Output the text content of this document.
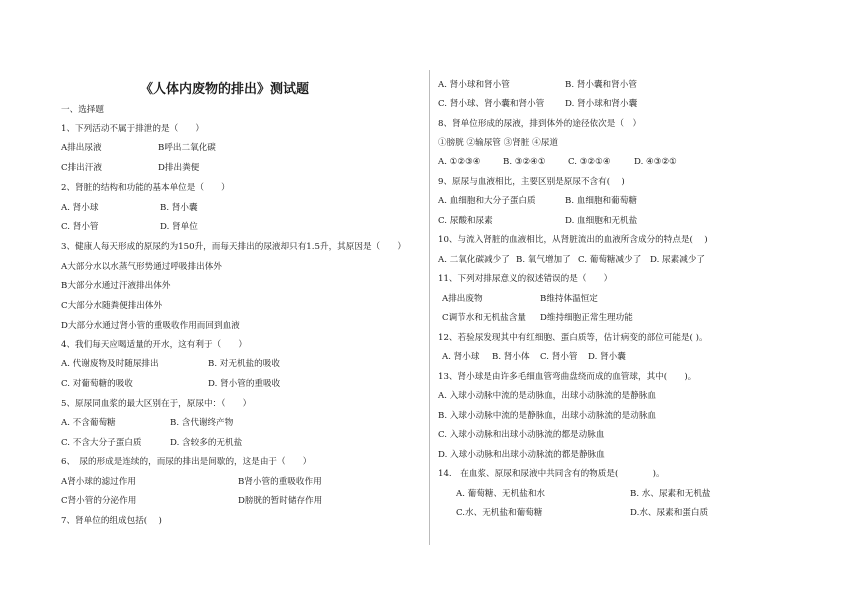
《人体内废物的排出》测试题
一、选择题
1、下列活动不属于排泄的是（　　）
A排出尿液	B呼出二氧化碳
C排出汗液	D排出粪便
2、肾脏的结构和功能的基本单位是（　　）
A. 肾小球	B. 肾小囊
C. 肾小管	D. 肾单位
3、健康人每天形成的原尿约为150升，而每天排出的尿液却只有1.5升，其原因是（　　）
A大部分水以水蒸气形势通过呼吸排出体外
B大部分水通过汗液排出体外
C大部分水随粪便排出体外
D大部分水通过肾小管的重吸收作用而回到血液
4、我们每天应喝适量的开水，这有利于（　　）
A. 代谢废物及时随尿排出	B. 对无机盐的吸收
C. 对葡萄糖的吸收	D. 肾小管的重吸收
5、原尿同血浆的最大区别在于，原尿中：（　　）
A. 不含葡萄糖	B. 含代谢终产物
C. 不含大分子蛋白质	D. 含较多的无机盐
6、　尿的形成是连续的，而尿的排出是间歇的，这是由于（　　）
A肾小球的滤过作用	B肾小管的重吸收作用
C肾小管的分泌作用	D膀胱的暂时储存作用
7、肾单位的组成包括(　 )
A. 肾小球和肾小管	B. 肾小囊和肾小管
C. 肾小球、肾小囊和肾小管 D. 肾小球和肾小囊
8、肾单位形成的尿液，排到体外的途径依次是（　）
①膀胱 ②输尿管 ③肾脏 ④尿道
A. ①②③④	B. ③②④①	C. ③②①④	D. ④③②①
9、原尿与血液相比，主要区别是原尿不含有(　 )
A. 血细胞和大分子蛋白质	B. 血细胞和葡萄糖
C. 尿酸和尿素	D. 血细胞和无机盐
10、与流入肾脏的血液相比，从肾脏流出的血液所含成分的特点是(　 )
A. 二氧化碳减少了 B. 氧气增加了 C. 葡萄糖减少了 D. 尿素减少了
11、下列对排尿意义的叙述错误的是（　　）
A排出废物	B维持体温恒定
C调节水和无机盐含量 D维持细胞正常生理功能
12、若验尿发现其中有红细胞、蛋白质等，估计病变的部位可能是( )。
A. 肾小球 B. 肾小体 C. 肾小管 D. 肾小囊
13、肾小球是由许多毛细血管弯曲盘绕而成的血管球，其中(　　)。
A. 入球小动脉中流的是动脉血，出球小动脉流的是静脉血
B. 入球小动脉中流的是静脉血，出球小动脉流的是动脉血
C. 入球小动脉和出球小动脉流的都是动脉血
D. 入球小动脉和出球小动脉流的都是静脉血
14.　在血浆、原尿和尿液中共同含有的物质是(　　　　)。
A. 葡萄糖、无机盐和水	B. 水、尿素和无机盐
C.水、无机盐和葡萄糖	D.水、尿素和蛋白质
